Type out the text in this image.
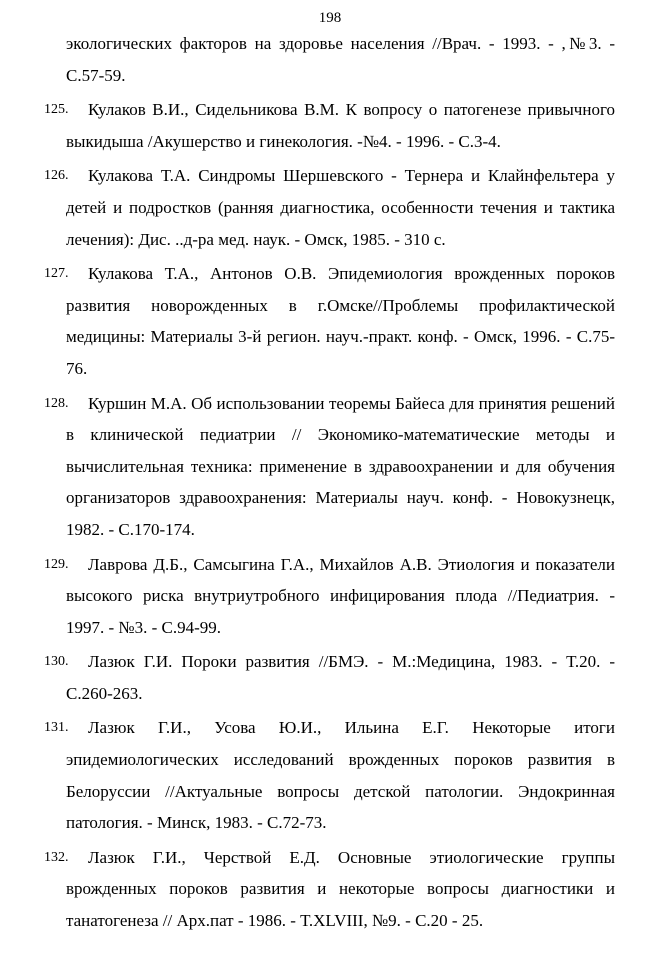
198

экологических факторов на здоровье населения //Врач. - 1993. - ,№3. - С.57-59.

125. Кулаков В.И., Сидельникова В.М. К вопросу о патогенезе привычного выкидыша /Акушерство и гинекология. -№4. - 1996. - С.3-4.

126. Кулакова Т.А. Синдромы Шершевского - Тернера и Клайнфельтера у детей и подростков (ранняя диагностика, особенности течения и тактика лечения): Дис. ..д-ра мед. наук. - Омск, 1985. - 310 с.

127. Кулакова Т.А., Антонов О.В. Эпидемиология врожденных пороков развития новорожденных в г.Омске//Проблемы профилактической медицины: Материалы 3-й регион. науч.-практ. конф. - Омск, 1996. - С.75-76.

128. Куршин М.А. Об использовании теоремы Байеса для принятия решений в клинической педиатрии // Экономико-математические методы и вычислительная техника: применение в здравоохранении и для обучения организаторов здравоохранения: Материалы науч. конф. - Новокузнецк, 1982. - С.170-174.

129. Лаврова Д.Б., Самсыгина Г.А., Михайлов А.В. Этиология и показатели высокого риска внутриутробного инфицирования плода //Педиатрия. - 1997. - №3. - С.94-99.

130. Лазюк Г.И. Пороки развития //БМЭ. - М.:Медицина, 1983. - Т.20. - С.260-263.

131. Лазюк Г.И., Усова Ю.И., Ильина Е.Г. Некоторые итоги эпидемиологических исследований врожденных пороков развития в Белоруссии //Актуальные вопросы детской патологии. Эндокринная патология. - Минск, 1983. - С.72-73.

132. Лазюк Г.И., Черствой Е.Д. Основные этиологические группы врожденных пороков развития и некоторые вопросы диагностики и танатогенеза // Арх.пат - 1986. - Т.XLVIII, №9. - С.20 - 25.
